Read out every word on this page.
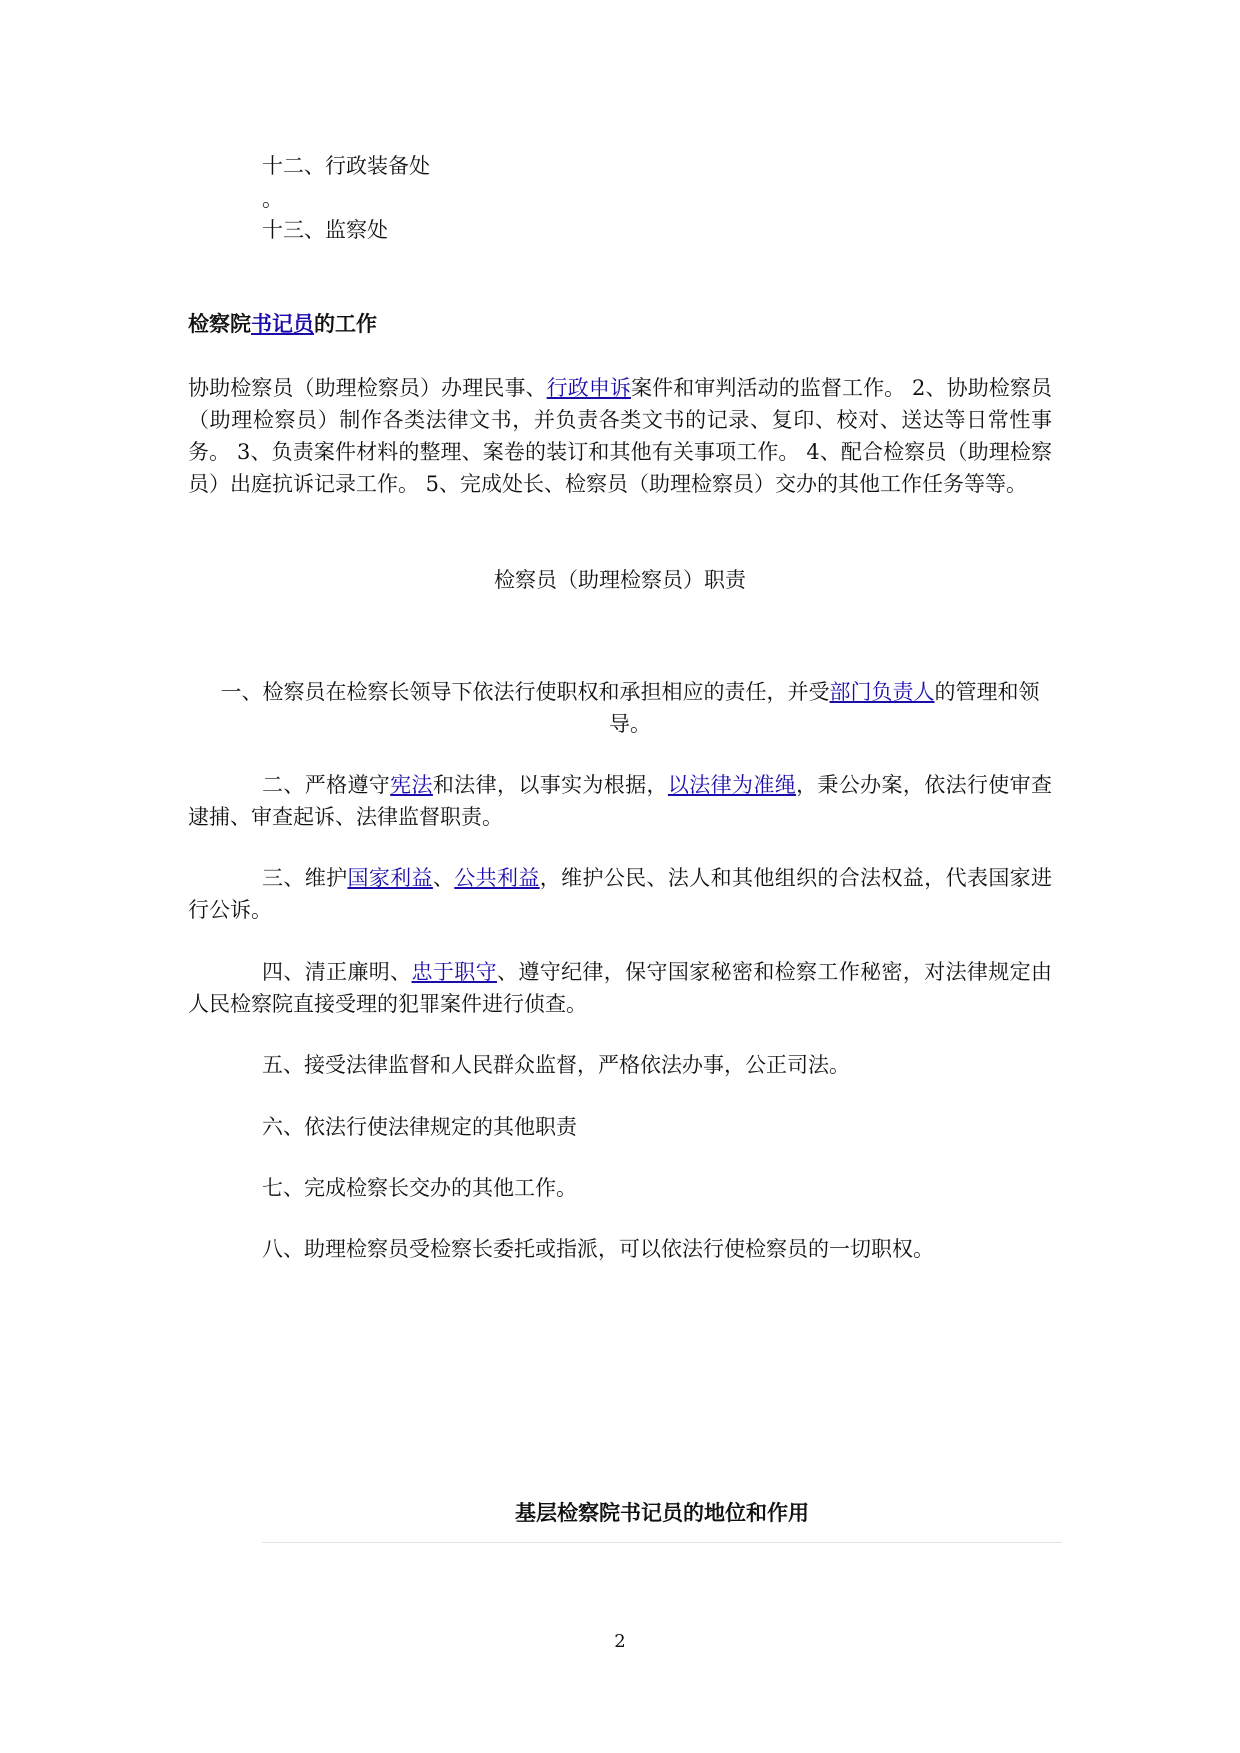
十二、行政装备处
。
十三、监察处
检察院书记员的工作
协助检察员（助理检察员）办理民事、行政申诉案件和审判活动的监督工作。 2、协助检察员（助理检察员）制作各类法律文书，并负责各类文书的记录、复印、校对、送达等日常性事务。 3、负责案件材料的整理、案卷的装订和其他有关事项工作。 4、配合检察员（助理检察员）出庭抗诉记录工作。 5、完成处长、检察员（助理检察员）交办的其他工作任务等等。
检察员（助理检察员）职责
一、检察员在检察长领导下依法行使职权和承担相应的责任，并受部门负责人的管理和领导。
二、严格遵守宪法和法律，以事实为根据，以法律为准绳，秉公办案，依法行使审查逮捕、审查起诉、法律监督职责。
三、维护国家利益、公共利益，维护公民、法人和其他组织的合法权益，代表国家进行公诉。
四、清正廉明、忠于职守、遵守纪律，保守国家秘密和检察工作秘密，对法律规定由人民检察院直接受理的犯罪案件进行侦查。
五、接受法律监督和人民群众监督，严格依法办事，公正司法。
六、依法行使法律规定的其他职责
七、完成检察长交办的其他工作。
八、助理检察员受检察长委托或指派，可以依法行使检察员的一切职权。
基层检察院书记员的地位和作用
2
